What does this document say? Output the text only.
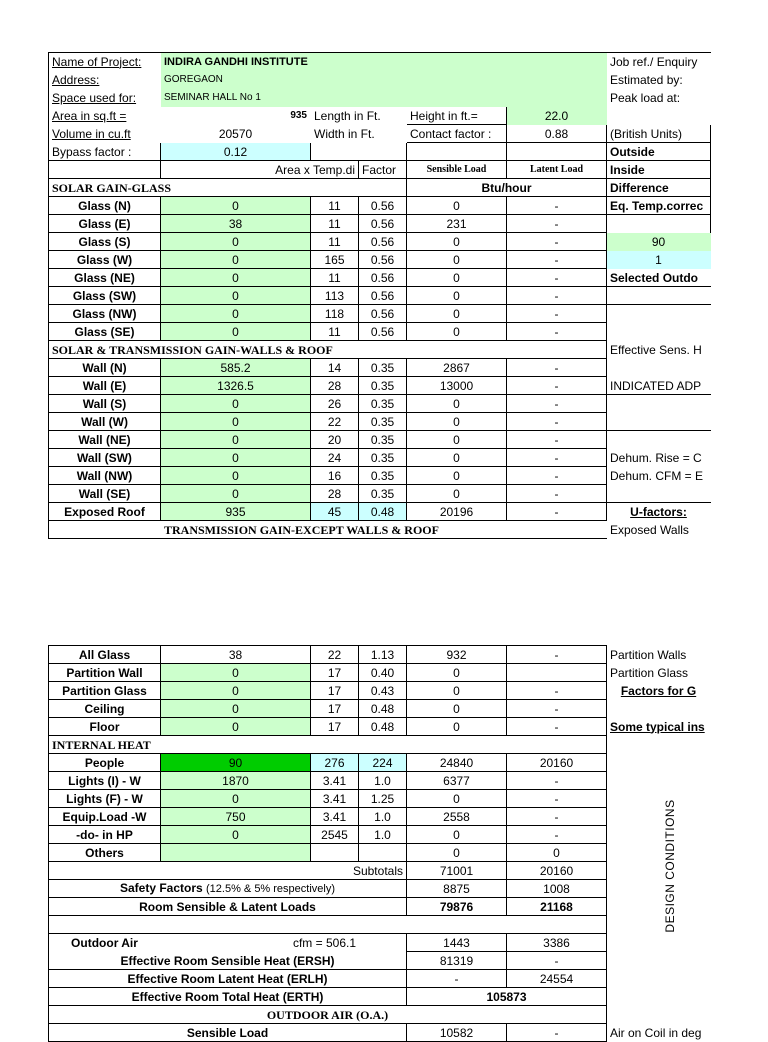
Name of Project:	INDIRA GANDHI INSTITUTE					Job ref./ Enquiry
Address:	GOREGAON					Estimated by:
Space used for:	SEMINAR HALL No 1					Peak load at:
Area in sq.ft =	935	Length in Ft.		Height in ft.=	22.0	
Volume in cu.ft	20570	Width in Ft.		Contact factor :	0.88	(British Units)
Bypass factor :	0.12					Outside
	Area x Temp.di		Factor	Sensible Load	Latent Load	Inside
SOLAR GAIN-GLASS				Btu/hour		Difference
Glass (N)	0	11	0.56	0	-	Eq. Temp.correc
Glass (E)	38	11	0.56	231	-	
Glass (S)	0	11	0.56	0	-	90
Glass (W)	0	165	0.56	0	-	1
Glass (NE)	0	11	0.56	0	-	Selected Outdo
Glass (SW)	0	113	0.56	0	-	
Glass (NW)	0	118	0.56	0	-	
Glass (SE)	0	11	0.56	0	-	
SOLAR & TRANSMISSION GAIN-WALLS & ROOF						Effective Sens. H
Wall (N)	585.2	14	0.35	2867	-	
Wall (E)	1326.5	28	0.35	13000	-	INDICATED ADP
Wall (S)	0	26	0.35	0	-	
Wall (W)	0	22	0.35	0	-	
Wall (NE)	0	20	0.35	0	-	
Wall (SW)	0	24	0.35	0	-	Dehum. Rise = C
Wall (NW)	0	16	0.35	0	-	Dehum. CFM = E
Wall (SE)	0	28	0.35	0	-	
Exposed Roof	935	45	0.48	20196	-	U-factors:
	TRANSMISSION GAIN-EXCEPT WALLS & ROOF					Exposed Walls
All Glass	38	22	1.13	932	-	Partition Walls
Partition Wall	0	17	0.40	0		Partition Glass
Partition Glass	0	17	0.43	0	-	Factors for G
Ceiling	0	17	0.48	0	-	
Floor	0	17	0.48	0	-	Some typical ins
INTERNAL HEAT						
People	90	276	224	24840	20160	
Lights (I) - W	1870	3.41	1.0	6377	-	
Lights (F) - W	0	3.41	1.25	0	-	
Equip.Load -W	750	3.41	1.0	2558	-	
-do- in HP	0	2545	1.0	0	-	
Others				0	0	
Subtotals				71001	20160	
Safety Factors (12.5% & 5% respectively)				8875	1008	
Room Sensible & Latent Loads				79876	21168	

Outdoor Air	cfm = 506.1			1443	3386	
Effective Room Sensible Heat (ERSH)				81319	-	
Effective Room Latent Heat (ERLH)				-	24554	
Effective Room Total Heat (ERTH)				105873		
OUTDOOR AIR (O.A.)						
Sensible Load				10582	-	Air on Coil in deg
DESIGN CONDITIONS
